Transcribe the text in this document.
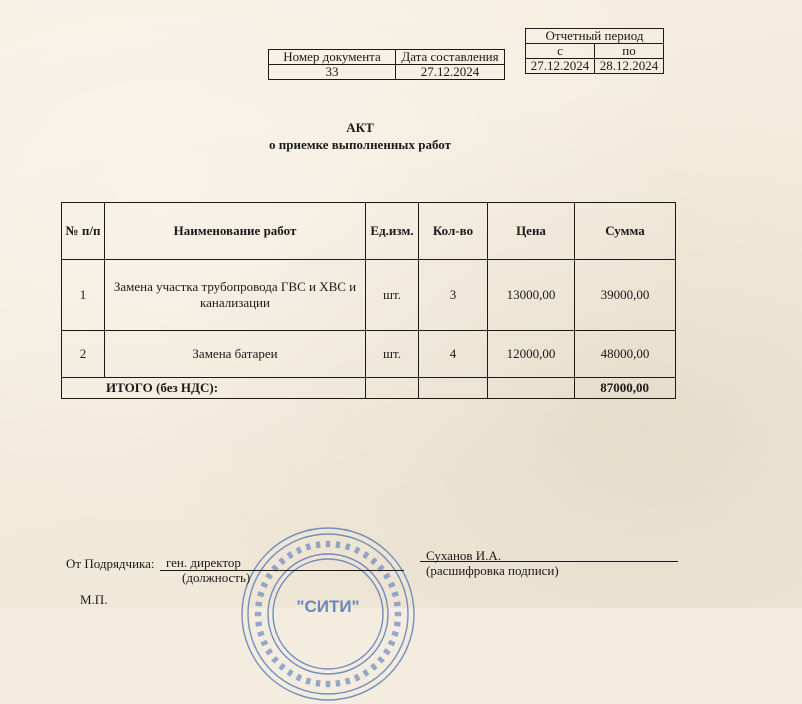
Номер документа	Дата составления
33	27.12.2024
Отчетный период	
с	по
27.12.2024	28.12.2024
АКТ
о приемке выполненных работ
№ п/п	Наименование работ	Ед.изм.	Кол-во	Цена	Сумма
1	Замена участка трубопровода ГВС и ХВС и канализации	шт.	3	13000,00	39000,00
2	Замена батареи	шт.	4	12000,00	48000,00
ИТОГО (без НДС):					87000,00
"СИТИ"
От Подрядчика: ген. директор
(должность)
Суханов И.А.
(расшифровка подписи)
М.П.
